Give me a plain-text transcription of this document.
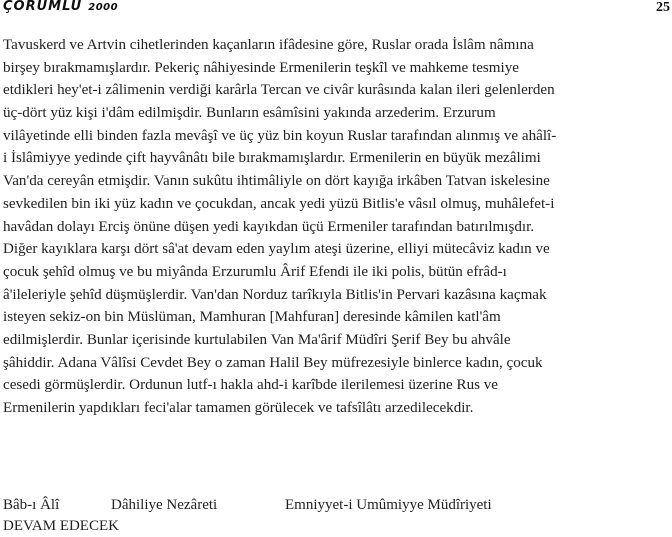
ÇORUMLU 2000	25
Tavuskerd ve Artvin cihetlerinden kaçanların ifâdesine göre, Ruslar orada İslâm nâmına
birşey bırakmamışlardır. Pekeriç nâhiyesinde Ermenilerin teşkîl ve mahkeme tesmiye
etdikleri hey'et-i zâlimenin verdiği karârla Tercan ve civâr kurâsında kalan ileri gelenlerden
üç-dört yüz kişi i'dâm edilmişdir. Bunların esâmîsini yakında arzederim. Erzurum
vilâyetinde elli binden fazla mevâşî ve üç yüz bin koyun Ruslar tarafından alınmış ve ahâlî-
i İslâmiyye yedinde çift hayvânâtı bile bırakmamışlardır. Ermenilerin en büyük mezâlimi
Van'da cereyân etmişdir. Vanın sukûtu ihtimâliyle on dört kayığa irkâben Tatvan iskelesine
sevkedilen bin iki yüz kadın ve çocukdan, ancak yedi yüzü Bitlis'e vâsıl olmuş, muhâlefet-i
havâdan dolayı Erciş önüne düşen yedi kayıkdan üçü Ermeniler tarafından batırılmışdır.
Diğer kayıklara karşı dört sâ'at devam eden yaylım ateşi üzerine, elliyi mütecâviz kadın ve
çocuk şehîd olmuş ve bu miyânda Erzurumlu Ârif Efendi ile iki polis, bütün efrâd-ı
â'ileleriyle şehîd düşmüşlerdir. Van'dan Norduz tarîkıyla Bitlis'in Pervari kazâsına kaçmak
isteyen sekiz-on bin Müslüman, Mamhuran [Mahfuran] deresinde kâmilen katl'âm
edilmişlerdir. Bunlar içerisinde kurtulabilen Van Ma'ârif Müdîri Şerif Bey bu ahvâle
şâhiddir. Adana Vâlîsi Cevdet Bey o zaman Halil Bey müfrezesiyle binlerce kadın, çocuk
cesedi görmüşlerdir. Ordunun lutf-ı hakla ahd-i karîbde ilerilemesi üzerine Rus ve
Ermenilerin yapdıkları feci'alar tamamen görülecek ve tafsîlâtı arzedilecekdir.
Bâb-ı Âlî	Dâhiliye Nezâreti	Emniyyet-i Umûmiyye Müdîriyeti
DEVAM EDECEK
